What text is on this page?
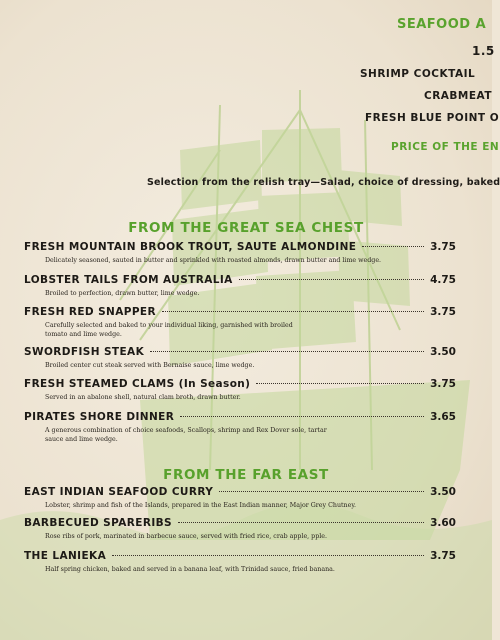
SEAFOOD A
1.5
SHRIMP COCKTAIL
CRABMEAT
FRESH BLUE POINT O
PRICE OF THE EN
Selection from the relish tray—Salad, choice of dressing, baked
FROM THE GREAT SEA CHEST
FRESH MOUNTAIN BROOK TROUT, SAUTE ALMONDINE	3.75
Delicately seasoned, sauted in butter and sprinkled with roasted almonds, drawn butter and lime wedge.
LOBSTER TAILS FROM AUSTRALIA	4.75
Broiled to perfection, drawn butter, lime wedge.
FRESH RED SNAPPER	3.75
Carefully selected and baked to your individual liking, garnished with broiled tomato and lime wedge.
SWORDFISH STEAK	3.50
Broiled center cut steak served with Bernaise sauce, lime wedge.
FRESH STEAMED CLAMS (In Season)	3.75
Served in an abalone shell, natural clam broth, drawn butter.
PIRATES SHORE DINNER	3.65
A generous combination of choice seafoods, Scallops, shrimp and Rex Dover sole, tartar sauce and lime wedge.
FROM THE FAR EAST
EAST INDIAN SEAFOOD CURRY	3.50
Lobster, shrimp and fish of the Islands, prepared in the East Indian manner, Major Grey Chutney.
BARBECUED SPARERIBS	3.60
Rose ribs of pork, marinated in barbecue sauce, served with fried rice, crab apple, pple.
THE LANIEKA	3.75
Half spring chicken, baked and served in a banana leaf, with Trinidad sauce, fried banana.
